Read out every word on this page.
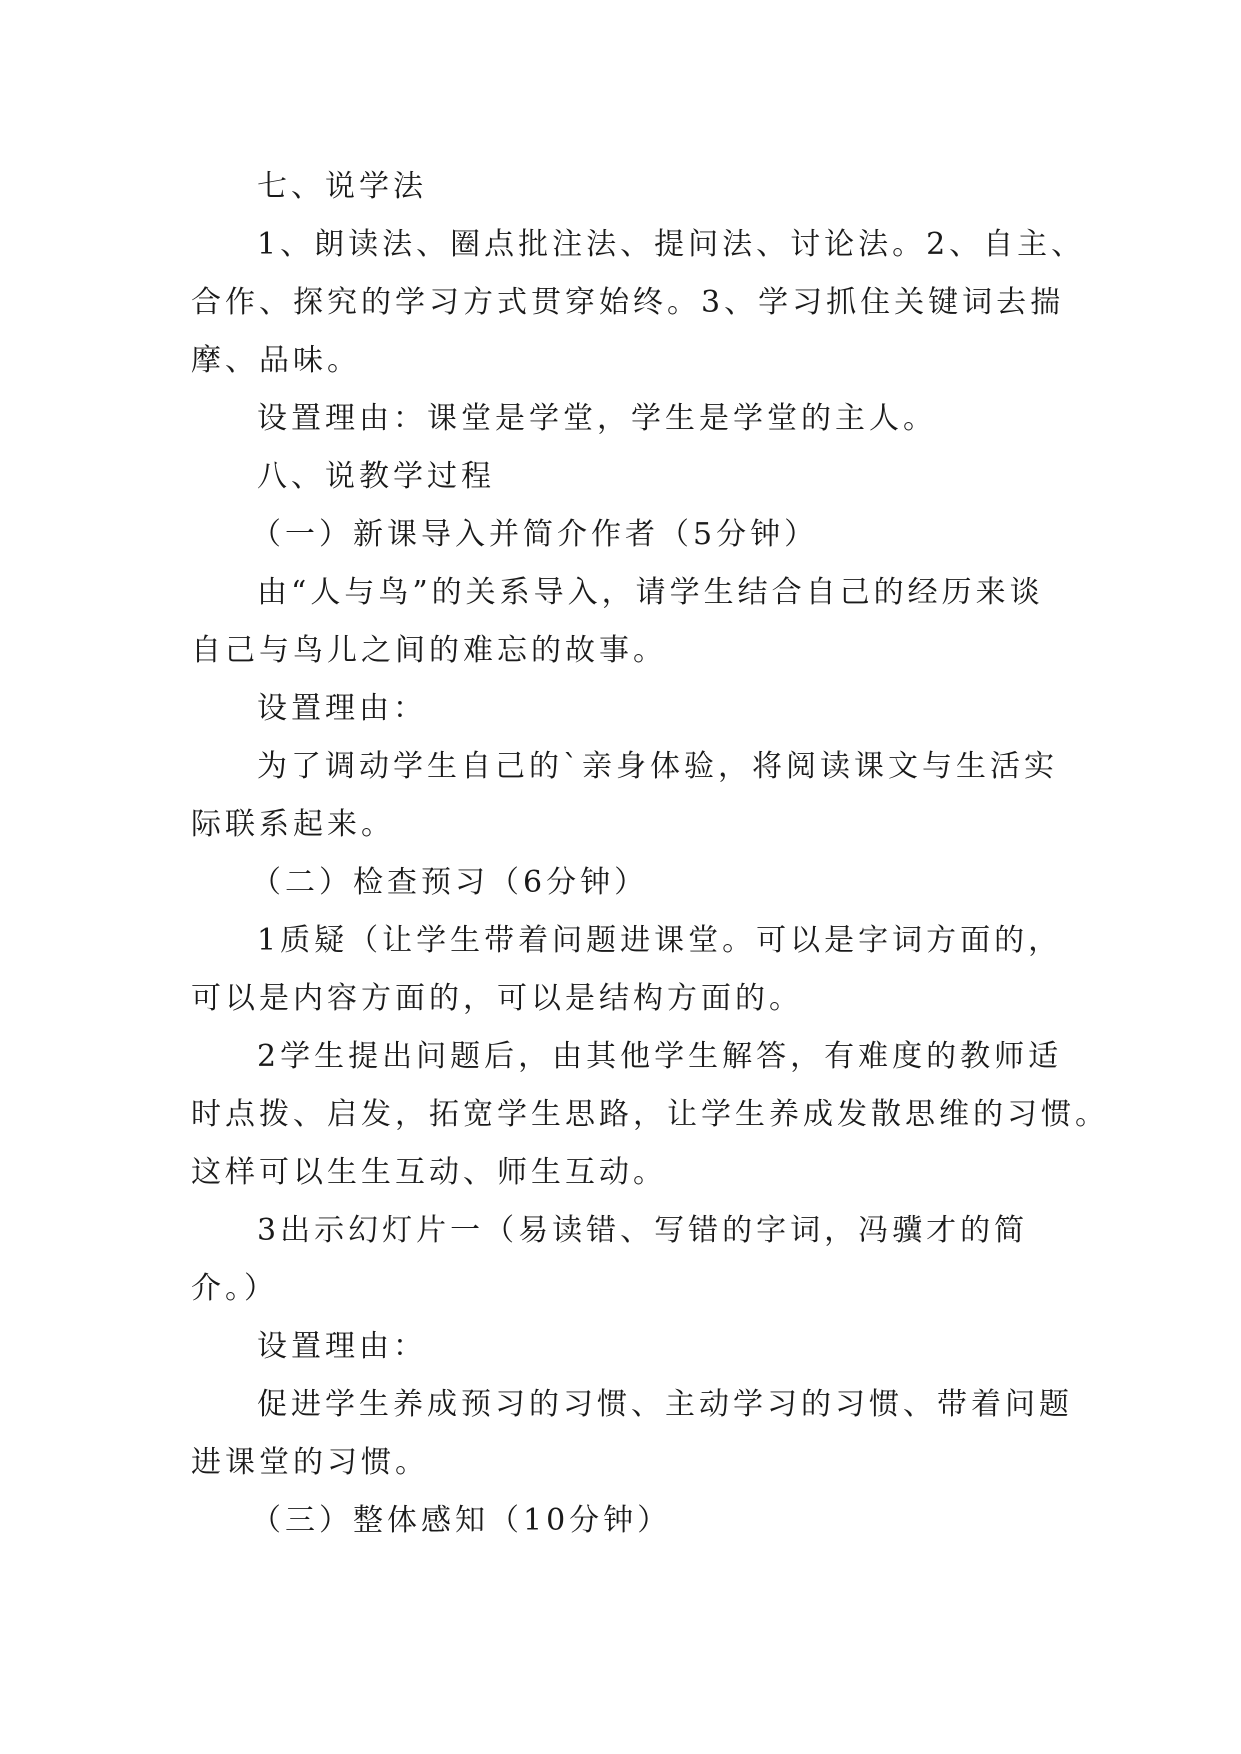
七、说学法

1、朗读法、圈点批注法、提问法、讨论法。2、自主、

合作、探究的学习方式贯穿始终。3、学习抓住关键词去揣

摩、品味。

设置理由：课堂是学堂，学生是学堂的主人。

八、说教学过程

（一）新课导入并简介作者（5分钟）

由“人与鸟”的关系导入，请学生结合自己的经历来谈

自己与鸟儿之间的难忘的故事。

设置理由：

为了调动学生自己的`亲身体验，将阅读课文与生活实

际联系起来。

（二）检查预习（6分钟）

1质疑（让学生带着问题进课堂。可以是字词方面的，

可以是内容方面的，可以是结构方面的。

2学生提出问题后，由其他学生解答，有难度的教师适

时点拨、启发，拓宽学生思路，让学生养成发散思维的习惯。

这样可以生生互动、师生互动。

3出示幻灯片一（易读错、写错的字词，冯骥才的简

介。）

设置理由：

促进学生养成预习的习惯、主动学习的习惯、带着问题

进课堂的习惯。

（三）整体感知（10分钟）
